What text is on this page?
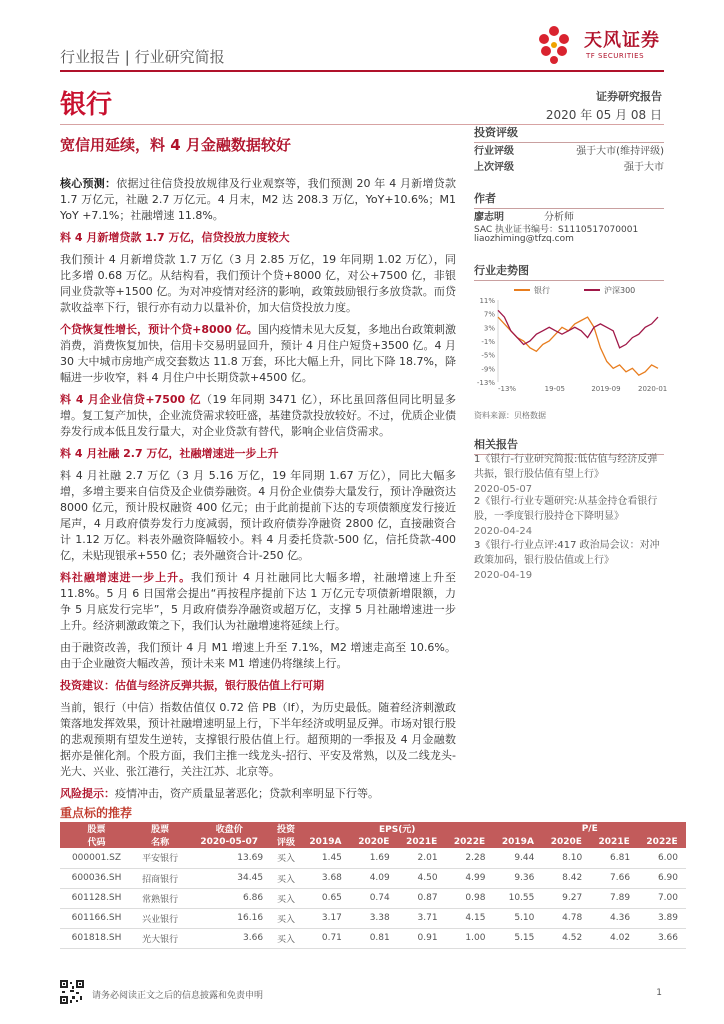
行业报告 | 行业研究简报
天风证券
TF SECURITIES
银行	证券研究报告
2020 年 05 月 08 日
宽信用延续，料 4 月金融数据较好

核心预测：依据过往信贷投放规律及行业观察等，我们预测 20 年 4 月新增贷款 1.7 万亿元，社融 2.7 万亿元。4 月末，M2 达 208.3 万亿，YoY+10.6%；M1 YoY +7.1%；社融增速 11.8%。

料 4 月新增贷款 1.7 万亿，信贷投放力度较大

我们预计 4 月新增贷款 1.7 万亿（3 月 2.85 万亿，19 年同期 1.02 万亿），同比多增 0.68 万亿。从结构看，我们预计个贷+8000 亿，对公+7500 亿，非银同业贷款等+1500 亿。为对冲疫情对经济的影响，政策鼓励银行多放贷款。而贷款收益率下行，银行亦有动力以量补价，加大信贷投放力度。

个贷恢复性增长，预计个贷+8000 亿。国内疫情未见大反复，多地出台政策刺激消费，消费恢复加快，信用卡交易明显回升，预计 4 月住户短贷+3500 亿。4 月 30 大中城市房地产成交套数达 11.8 万套，环比大幅上升，同比下降 18.7%，降幅进一步收窄，料 4 月住户中长期贷款+4500 亿。

料 4 月企业信贷+7500 亿（19 年同期 3471 亿），环比虽回落但同比明显多增。复工复产加快，企业流贷需求较旺盛，基建贷款投放较好。不过，优质企业债券发行成本低且发行量大，对企业贷款有替代，影响企业信贷需求。

料 4 月社融 2.7 万亿，社融增速进一步上升

料 4 月社融 2.7 万亿（3 月 5.16 万亿，19 年同期 1.67 万亿），同比大幅多增，多增主要来自信贷及企业债券融资。4 月份企业债券大量发行，预计净融资达 8000 亿元，预计股权融资 400 亿元；由于此前提前下达的专项债额度发行接近尾声，4 月政府债券发行力度减弱，预计政府债券净融资 2800 亿，直接融资合计 1.12 万亿。料表外融资降幅较小。料 4 月委托贷款-500 亿，信托贷款-400 亿，未贴现银承+550 亿；表外融资合计-250 亿。

料社融增速进一步上升。我们预计 4 月社融同比大幅多增，社融增速上升至 11.8%。5 月 6 日国常会提出“再按程序提前下达 1 万亿元专项债新增限额，力争 5 月底发行完毕”，5 月政府债券净融资或超万亿，支撑 5 月社融增速进一步上升。经济刺激政策之下，我们认为社融增速将延续上行。

由于融资改善，我们预计 4 月 M1 增速上升至 7.1%，M2 增速走高至 10.6%。由于企业融资大幅改善，预计未来 M1 增速仍将继续上行。

投资建议：估值与经济反弹共振，银行股估值上行可期

当前，银行（中信）指数估值仅 0.72 倍 PB（lf），为历史最低。随着经济刺激政策落地发挥效果，预计社融增速明显上行，下半年经济或明显反弹。市场对银行股的悲观预期有望发生逆转，支撑银行股估值上行。超预期的一季报及 4 月金融数据亦是催化剂。个股方面，我们主推一线龙头-招行、平安及常熟，以及二线龙头-光大、兴业、张江港行，关注江苏、北京等。

风险提示：疫情冲击，资产质量显著恶化；贷款利率明显下行等。

投资评级
行业评级	强于大市(维持评级)
上次评级	强于大市
作者
廖志明	分析师
SAC 执业证书编号：S1110517070001
liaozhiming@tfzq.com
行业走势图
银行	沪深300
11%
7%
3%
-1%
-5%
-9%
-13%
-13%	19-05	2019-09 2020-01
资料来源：贝格数据
相关报告
1《银行-行业研究简报:低估值与经济反弹共振，银行股估值有望上行》
2020-05-07
2《银行-行业专题研究:从基金持仓看银行股，一季度银行股持仓下降明显》
2020-04-24
3《银行-行业点评:417 政治局会议：对冲政策加码，银行股估值或上行》
2020-04-19
重点标的推荐
股票	股票	收盘价	投资	EPS(元)				P/E			
代码	名称	2020-05-07	评级	2019A	2020E	2021E	2022E	2019A	2020E	2021E	2022E
000001.SZ	平安银行	13.69	买入	1.45	1.69	2.01	2.28	9.44	8.10	6.81	6.00
600036.SH	招商银行	34.45	买入	3.68	4.09	4.50	4.99	9.36	8.42	7.66	6.90
601128.SH	常熟银行	6.86	买入	0.65	0.74	0.87	0.98	10.55	9.27	7.89	7.00
601166.SH	兴业银行	16.16	买入	3.17	3.38	3.71	4.15	5.10	4.78	4.36	3.89
601818.SH	光大银行	3.66	买入	0.71	0.81	0.91	1.00	5.15	4.52	4.02	3.66
请务必阅读正文之后的信息披露和免责申明	1
